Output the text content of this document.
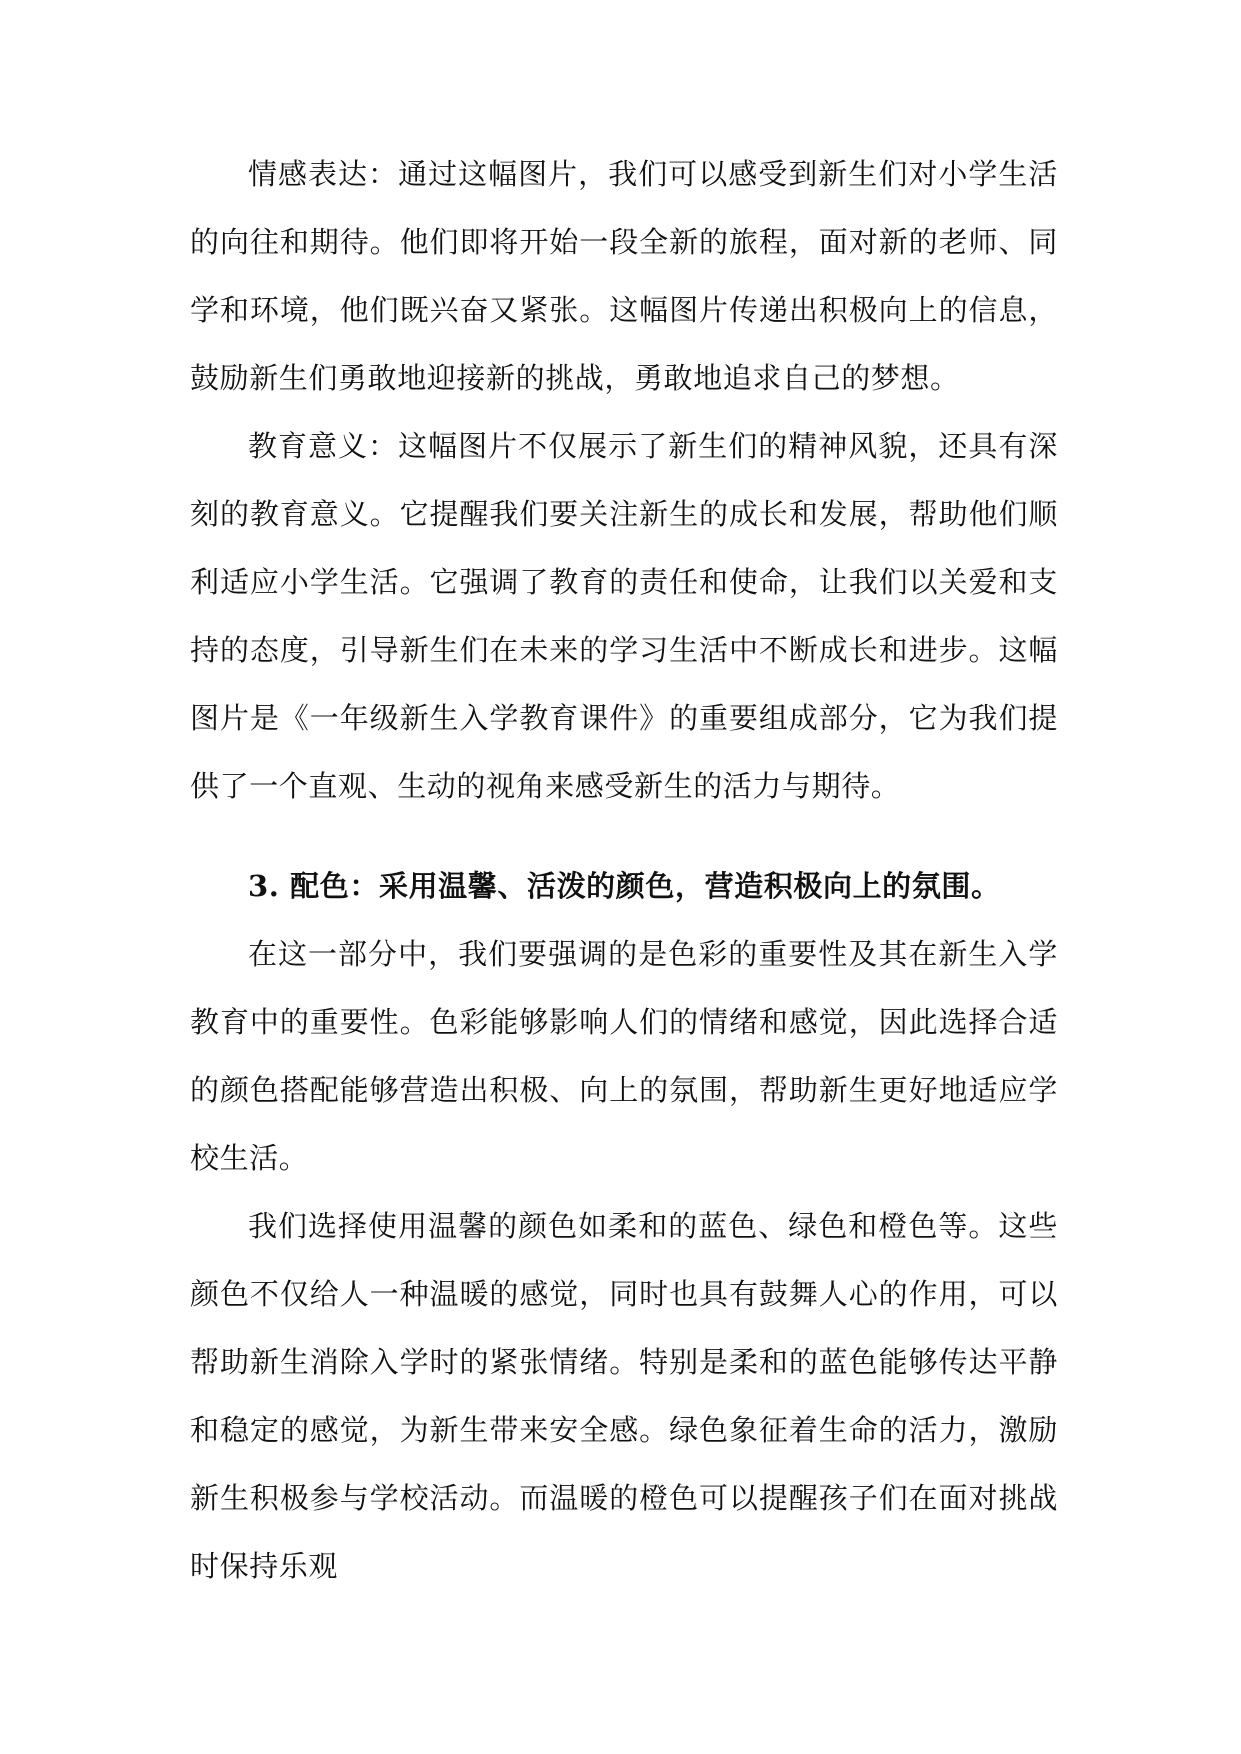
情感表达：通过这幅图片，我们可以感受到新生们对小学生活的向往和期待。他们即将开始一段全新的旅程，面对新的老师、同学和环境，他们既兴奋又紧张。这幅图片传递出积极向上的信息，鼓励新生们勇敢地迎接新的挑战，勇敢地追求自己的梦想。

教育意义：这幅图片不仅展示了新生们的精神风貌，还具有深刻的教育意义。它提醒我们要关注新生的成长和发展，帮助他们顺利适应小学生活。它强调了教育的责任和使命，让我们以关爱和支持的态度，引导新生们在未来的学习生活中不断成长和进步。这幅图片是《一年级新生入学教育课件》的重要组成部分，它为我们提供了一个直观、生动的视角来感受新生的活力与期待。

3. 配色：采用温馨、活泼的颜色，营造积极向上的氛围。

在这一部分中，我们要强调的是色彩的重要性及其在新生入学教育中的重要性。色彩能够影响人们的情绪和感觉，因此选择合适的颜色搭配能够营造出积极、向上的氛围，帮助新生更好地适应学校生活。

我们选择使用温馨的颜色如柔和的蓝色、绿色和橙色等。这些颜色不仅给人一种温暖的感觉，同时也具有鼓舞人心的作用，可以帮助新生消除入学时的紧张情绪。特别是柔和的蓝色能够传达平静和稳定的感觉，为新生带来安全感。绿色象征着生命的活力，激励新生积极参与学校活动。而温暖的橙色可以提醒孩子们在面对挑战时保持乐观
